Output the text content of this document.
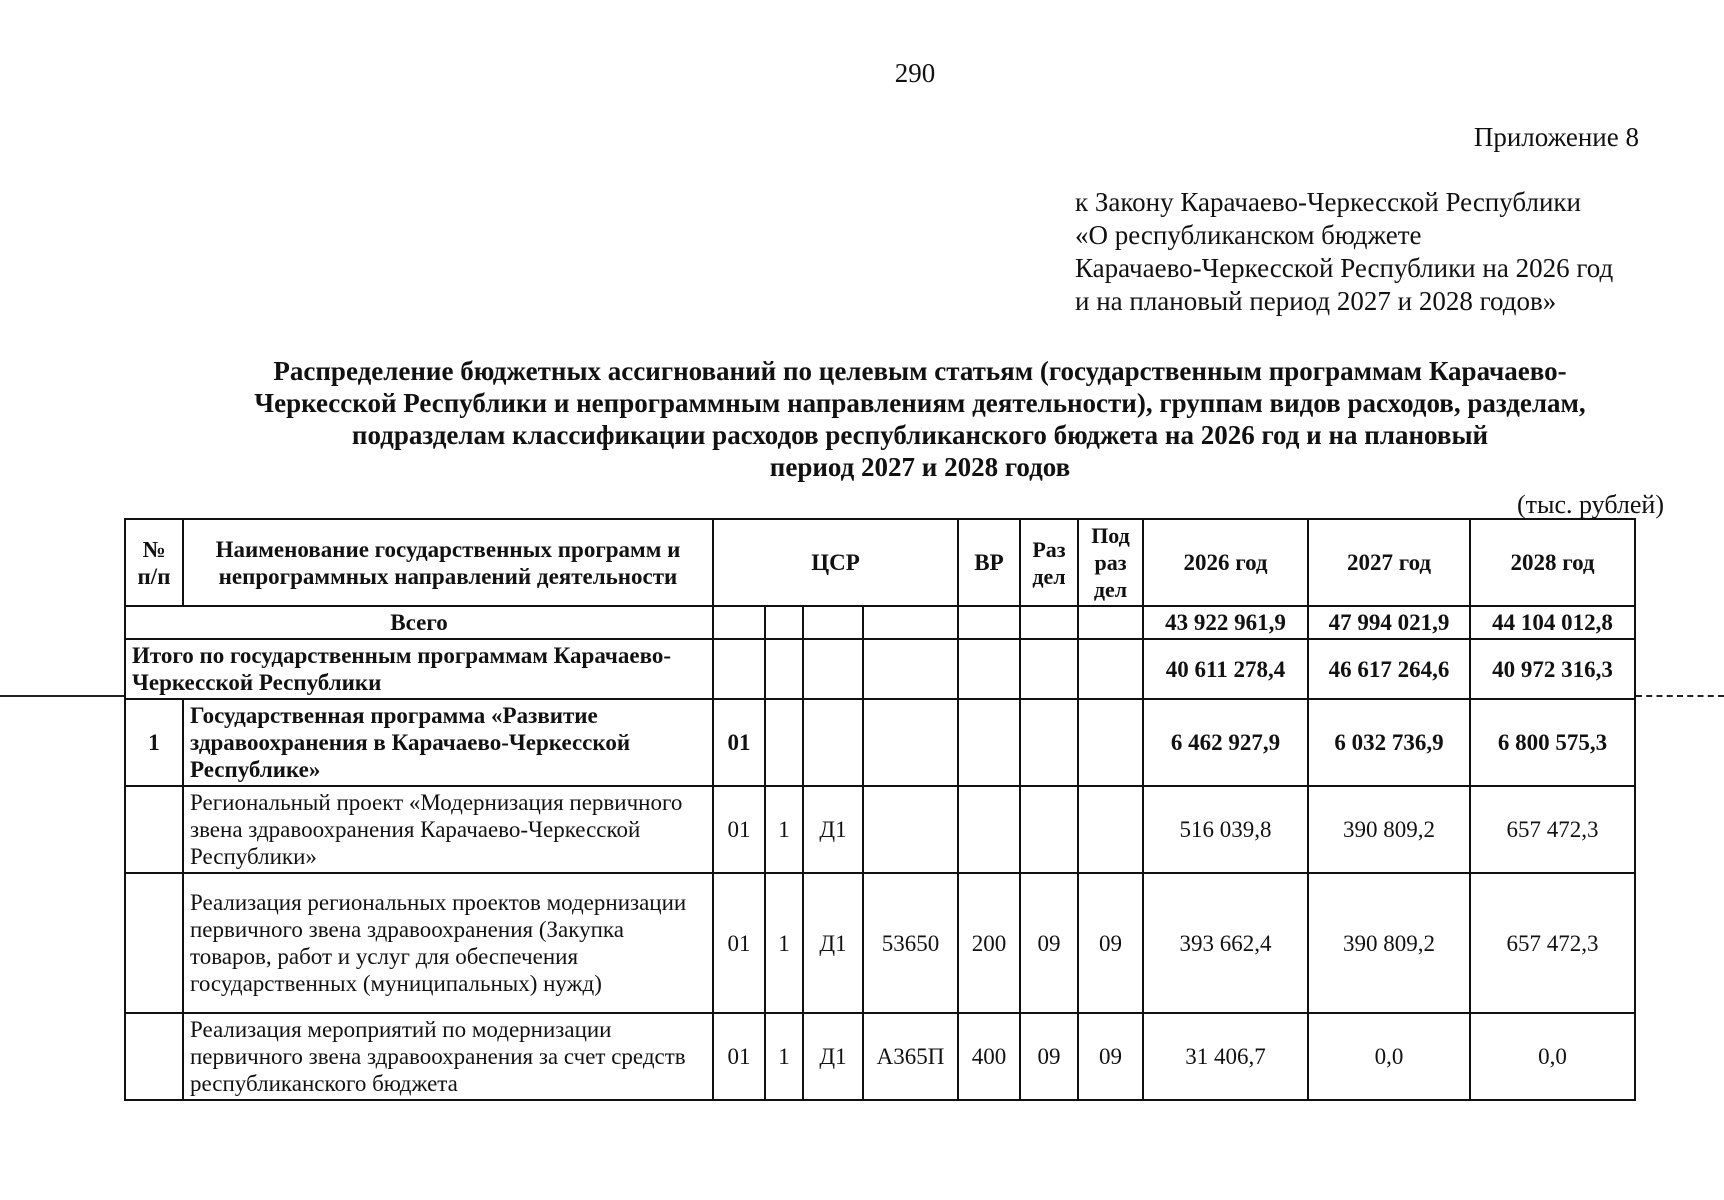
290
Приложение 8
к Закону Карачаево-Черкесской Республики
«О республиканском бюджете
Карачаево-Черкесской Республики на 2026 год
и на плановый период 2027 и 2028 годов»
Распределение бюджетных ассигнований по целевым статьям (государственным программам Карачаево-
Черкесской Республики и непрограммным направлениям деятельности), группам видов расходов, разделам,
подразделам классификации расходов республиканского бюджета на 2026 год и на плановый
период 2027 и 2028 годов
(тыс. рублей)
№ п/п	Наименование государственных программ и непрограммных направлений деятельности	ЦСР				ВР	Раз дел	Под раз дел	2026 год	2027 год	2028 год
Всего									43 922 961,9	47 994 021,9	44 104 012,8
Итого по государственным программам Карачаево-Черкесской Республики									40 611 278,4	46 617 264,6	40 972 316,3
1	Государственная программа «Развитие здравоохранения в Карачаево-Черкесской Республике»	01							6 462 927,9	6 032 736,9	6 800 575,3
	Региональный проект «Модернизация первичного звена здравоохранения Карачаево-Черкесской Республики»	01	1	Д1					516 039,8	390 809,2	657 472,3
	Реализация региональных проектов модернизации первичного звена здравоохранения (Закупка товаров, работ и услуг для обеспечения государственных (муниципальных) нужд)	01	1	Д1	53650	200	09	09	393 662,4	390 809,2	657 472,3
	Реализация мероприятий по модернизации первичного звена здравоохранения за счет средств республиканского бюджета	01	1	Д1	А365П	400	09	09	31 406,7	0,0	0,0
